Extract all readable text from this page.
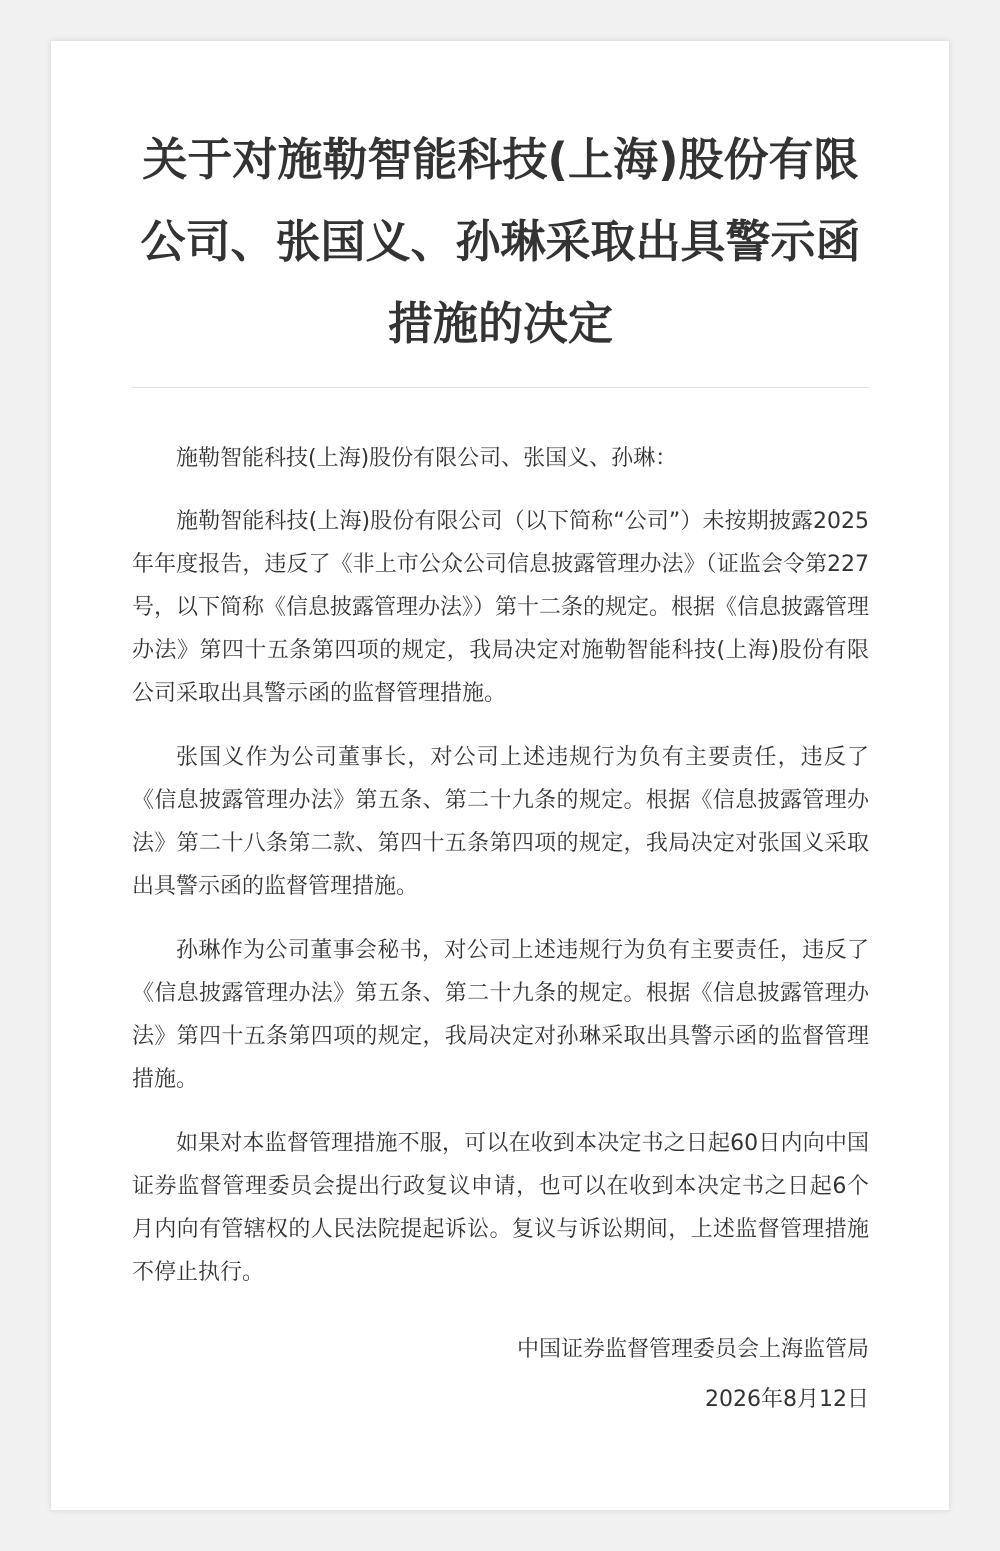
关于对施勒智能科技(上海)股份有限公司、张国义、孙琳采取出具警示函措施的决定

施勒智能科技(上海)股份有限公司、张国义、孙琳：

施勒智能科技(上海)股份有限公司（以下简称“公司”）未按期披露2025年年度报告，违反了《非上市公众公司信息披露管理办法》（证监会令第227号，以下简称《信息披露管理办法》）第十二条的规定。根据《信息披露管理办法》第四十五条第四项的规定，我局决定对施勒智能科技(上海)股份有限公司采取出具警示函的监督管理措施。

张国义作为公司董事长，对公司上述违规行为负有主要责任，违反了《信息披露管理办法》第五条、第二十九条的规定。根据《信息披露管理办法》第二十八条第二款、第四十五条第四项的规定，我局决定对张国义采取出具警示函的监督管理措施。

孙琳作为公司董事会秘书，对公司上述违规行为负有主要责任，违反了《信息披露管理办法》第五条、第二十九条的规定。根据《信息披露管理办法》第四十五条第四项的规定，我局决定对孙琳采取出具警示函的监督管理措施。

如果对本监督管理措施不服，可以在收到本决定书之日起60日内向中国证券监督管理委员会提出行政复议申请，也可以在收到本决定书之日起6个月内向有管辖权的人民法院提起诉讼。复议与诉讼期间，上述监督管理措施不停止执行。

中国证券监督管理委员会上海监管局
2026年8月12日
